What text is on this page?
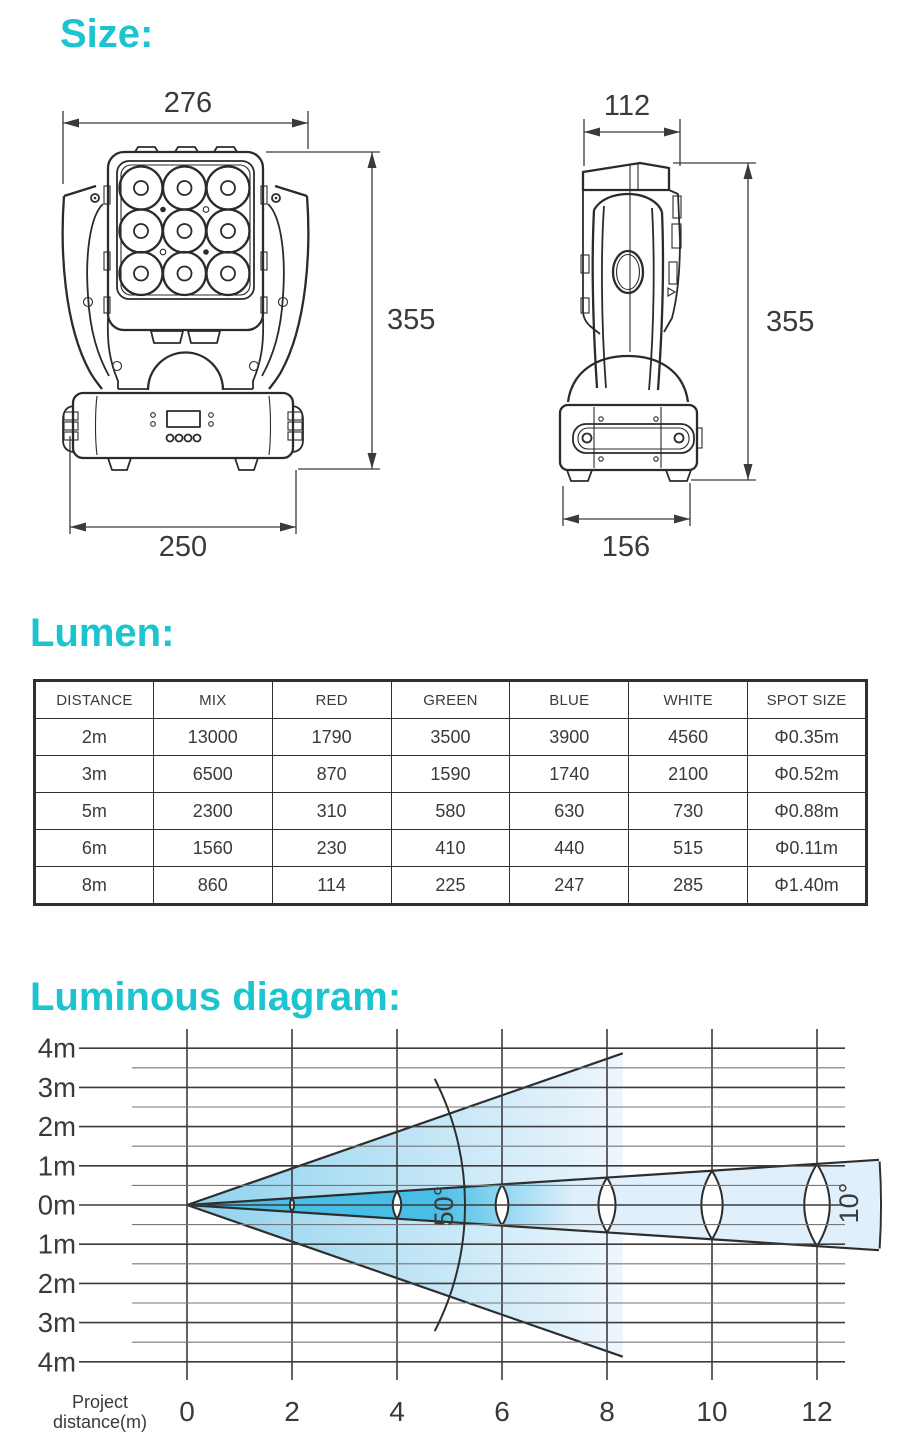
Size:
276
355
250
112
355
156
Lumen:
DISTANCE	MIX	RED	GREEN	BLUE	WHITE	SPOT SIZE
2m	13000	1790	3500	3900	4560	Φ0.35m
3m	6500	870	1590	1740	2100	Φ0.52m
5m	2300	310	580	630	730	Φ0.88m
6m	1560	230	410	440	515	Φ0.11m
8m	860	114	225	247	285	Φ1.40m
Luminous diagram:
50°	10°
4m
3m
2m
1m
0m
1m
2m
3m
4m
0	2	4	6	8	10	12
Project
distance(m)
